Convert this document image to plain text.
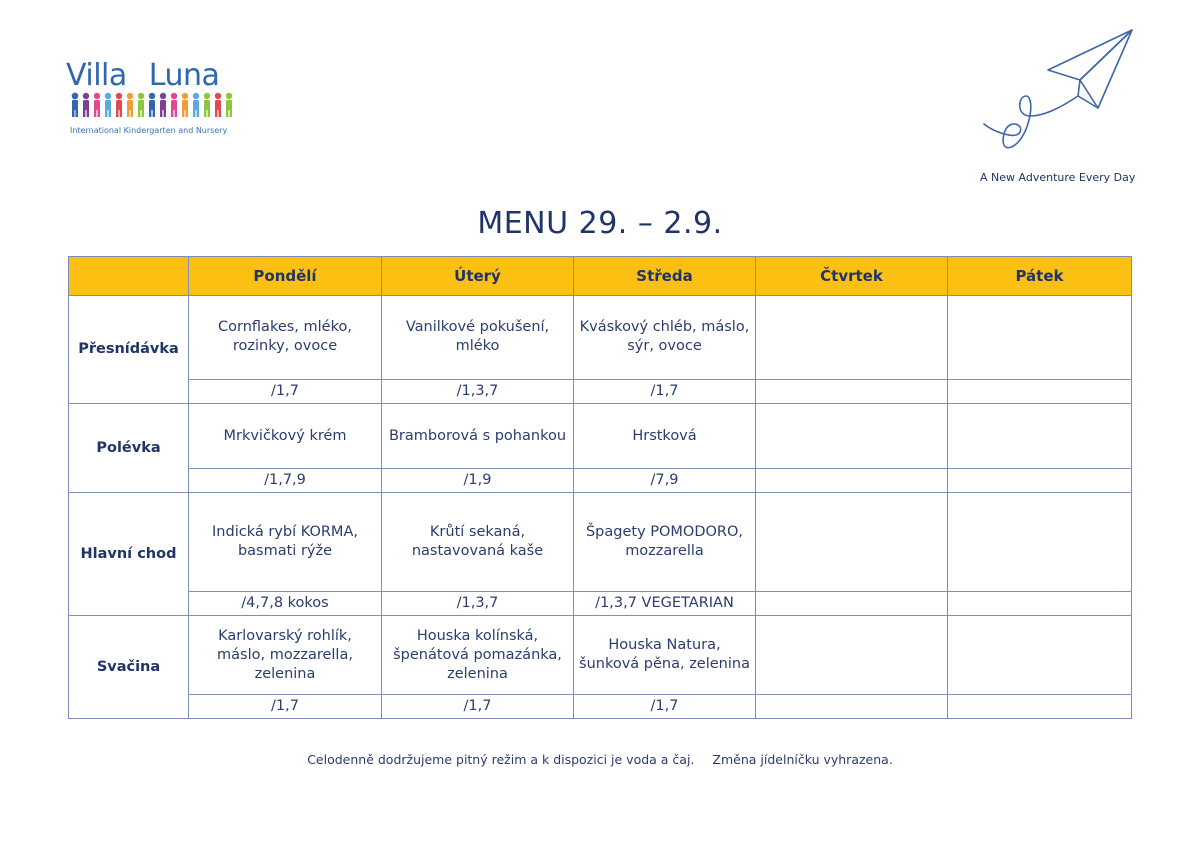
Villa Luna
International Kindergarten and Nursery
A New Adventure Every Day
MENU 29. – 2.9.
	Pondělí	Úterý	Středa	Čtvrtek	Pátek
Přesnídávka	Cornflakes, mléko, rozinky, ovoce	Vanilkové pokušení, mléko	Kváskový chléb, máslo, sýr, ovoce		
	/1,7	/1,3,7	/1,7		
Polévka	Mrkvičkový krém	Bramborová s pohankou	Hrstková		
	/1,7,9	/1,9	/7,9		
Hlavní chod	Indická rybí KORMA, basmati rýže	Krůtí sekaná, nastavovaná kaše	Špagety POMODORO, mozzarella		
	/4,7,8 kokos	/1,3,7	/1,3,7 VEGETARIAN		
Svačina	Karlovarský rohlík, máslo, mozzarella, zelenina	Houska kolínská, špenátová pomazánka, zelenina	Houska Natura, šunková pěna, zelenina		
	/1,7	/1,7	/1,7		
Celodenně dodržujeme pitný režim a k dispozici je voda a čaj. Změna jídelníčku vyhrazena.
